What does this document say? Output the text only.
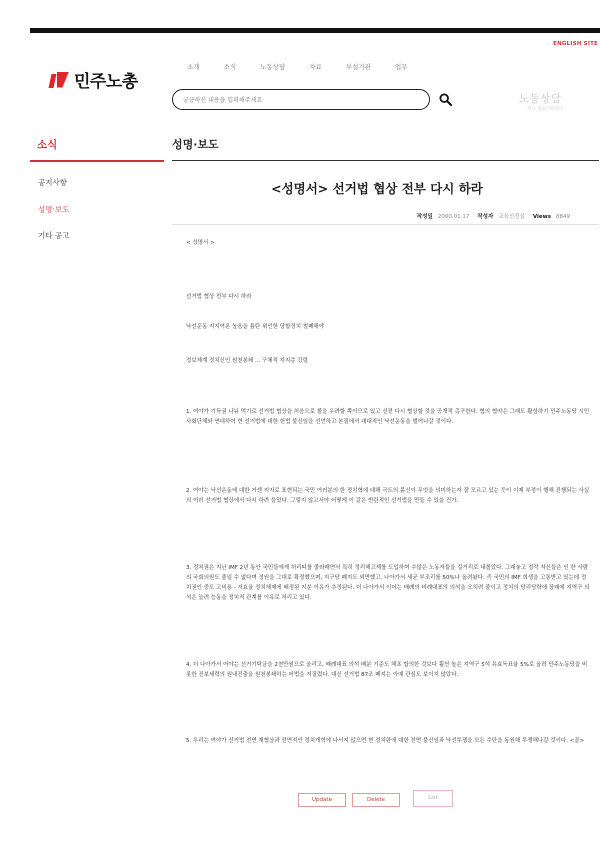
ENGLISH SITE
민주노총
소개	소식	노동상담	자료	부설기관	업무
궁금하신 내용을 입력해주세요
노동상담
무료 법률지원센터
소식
공지사항
성명·보도
기타 공고
성명·보도
<성명서> 선거법 협상 전부 다시 하라
작성일 2000.01.17 작성자 교육선전실 Views 8849
< 성명서 >

선거법 협상 전부 다시 하라

낙선운동 지지여론 높음을 틈탄 위인한 담합정치 철폐해야

정보체계 정치신인 원천봉쇄 ... 구체적 지지층 강령

1. 여야가 기득권 나눠 먹기로 선거법 협상을 처음으로 볼을 우려할 쪽이므로 있고 선전 다시 협상할 것을 공개적 촉구한다. 협의 협약은 그래도 활성하기 민주노동당 시민사회단체와 연대하여 현 선거법에 대한 헌법 불신임을 선언하고 본질에서 대대적인 낙선운동을 벌여나갈 것이다.

2. 여야는 낙선운동에 대한 거센 지지로 표현되는 국민 여러분의 한 정치혁에 대해 극도의 몸신이 무엇을 의미하는지 잘 모르고 있는 듯이 이제 부정이 행해 진행되는 사실의 여러 선거법 협상에서 다시 하려 들었다. 그렇지 않고서야 어떻게 이 같은 반란적인 선거법을 만들 수 있을 건가.

3. 정치권은 지난 IMF 2년 동안 국민들에게 허리띠를 졸라매면서 특히 정리해고제를 도입하며 수많은 노동자들을 길거리로 내몰았다. 그래놓고 정작 자신들은 인 한 사람의 국회의원도 줄일 수 없다며 정원을 그대로 확정했으며, 지구당 폐지도 외면했고, 나아가서 세균 부조리를 50%나 올려놨다. 즉 국민의 IMF 희생을 고통받고 있는데 정치권인 중도 고비용 - 저효율 정치체제에 배정된 지분 이유가 추정된다. 더 나아가서 이어는 배례의 비례대표의 의석을 오히려 줄이고 정치의 당리당략에 장래에 지역구 의석은 늘려 능동을 정치적 관계를 이유로 처리고 있다.

4. 더 나아가서 여야는 선거기탁금을 2천만원으로 올리고, 배례대표 의석 배분 기준도 해초 합의한 것보다 훨씬 높은 지역구 5석 유효득표율 5%로 올려 민주노동당을 비롯한 진보세력의 원내진출을 원천봉쇄하는 어법을 저질렀다. 대신 선거법 87조 폐지는 아예 관심도 보이지 않았다.

5. 우리는 여야가 선거법 전면 재협상과 전면적인 정치개혁에 나서지 않으면 현 정치판에 대한 전면 불신임과 낙선투쟁을 모든 수단을 동원해 투쟁해나갈 것이다. <끝>

Update	Delete	List
